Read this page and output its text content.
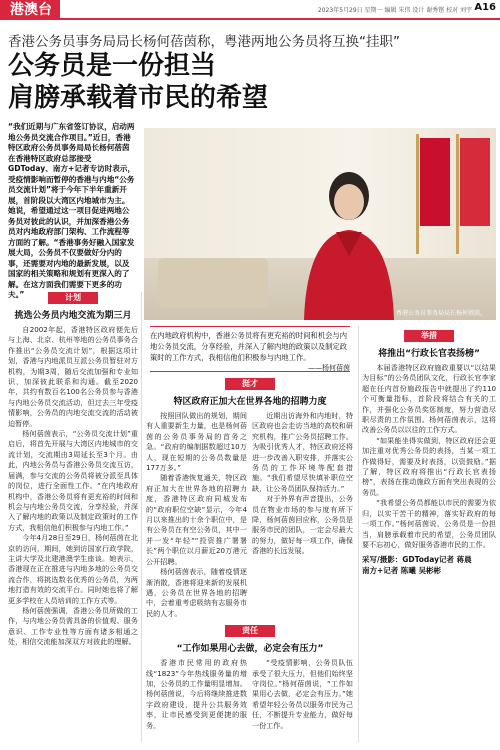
港澳台	2023年5月29日 星期一 编辑 朱伟 设计 谢秀铿 校对 刘宇 A16
香港公务员事务局局长杨何蓓茵称，粤港两地公务员将互换“挂职”
公务员是一份担当
肩膀承载着市民的希望
“我们近期与广东省签订协议，启动两地公务员交流合作项目。”近日，香港特区政府公务员事务局局长杨何蓓茵在香港特区政府总部接受GDToday、南方+记者专访时表示，受疫情影响而暂停的香港与内地“公务员交流计划”将于今年下半年重新开展，首阶段以大湾区内地城市为主。她说，希望通过这一项目促进两地公务员对彼此的认识，并加深香港公务员对内地政府部门架构、工作流程等方面的了解。“香港事务好融入国家发展大局，公务员不仅要做好分内的事，还需要对内地的最新发展，以及国家的相关策略和规划有更深入的了解。在这方面我们需要下更多的功夫。”
香港公务员事务局局长杨何蓓茵。
在内地政府机构中，香港公务员将有更充裕的时间和机会与内地公务员交流，分享经验，并深入了解内地的政策以及制定政策时的工作方式，我相信他们积极参与内地工作。
——杨何蓓茵
计划
挑选公务员内地交流为期三月

自2002年起，香港特区政府便先后与上海、北京、杭州等地的公务员事务合作推出“公务员交流计划”，根据这项计划，香港与内地派员互派公务员暂驻对方机构，为期3周，随后交流加强和专业知识，加深彼此联系和沟通。截至2020年，共约有数百名100名公务员参与香港与内地公务员交流活动，但过去三年受疫情影响，公务员的内地交流交流的活动被迫暂停。

杨何蓓茵表示，“公务员交流计划”重启后，将首先开展与大湾区内地城市的交流计划，交流期由3周延长至3个月。由此，内地公务员与香港公务员交流互访，届满，参与交流的公务员将被分派至具体的岗位，进行全面性工作。“在内地政府机构中，香港公务员将有更充裕的时间和机会与内地公务员交流，分享经验，并深入了解内地的政策以及制定政策时的工作方式，我相信他们积极参与内地工作。”

今年4月28日至29日，杨何蓓茵在北京的访问，期间，她到访国家行政学院，主讲大学及北建港澳学生座谈。她表示，香港现在正在推进与内地多地的公务员交流合作，将挑选数名优秀的公务员，为两地打造有效的交流平台。同时她也将了解更多学校在人员培训的工作方式等。

杨何蓓茵强调，香港公务员所做的工作，与内地公务员需具备的价值观、服务意识、工作专业性等方面有诸多相通之处，相信交流能加深双方对彼此的理解。

挺才
特区政府正加大在世界各地的招聘力度

按照回队做出的规划，期间有人重要新生力量，也是杨何蓓茵的公务员事务局的首务之急。“政府的编制据数超过10万人，现在短期的公务员数量是177万多。”

随着香港恢复通关，特区政府正加大在世界各地的招聘力度，香港特区政府同城发布的“政府职位空缺”显示，今年4月以来推出的十余个职位中，是有公务员在有空公务员，其中一并一发“年轻”“投资推广署署长”两个职位以月薪近20万港元公开招聘。

杨何蓓茵表示，随着疫情逐渐消散，香港将迎来新的发展机遇，公务员在世界各地的招聘中，会着重考虑吸纳有志服务市民的人才。

近期出访海外和内地时，特区政府也会走访当地的高校和研究机构，推广公务员招聘工作。为吸引优秀人才，特区政府还将进一步改善入职安排，并落实公务员的工作环境等配套措施。“我们希望尽快填补职位空缺，让公务员团队保持活力。”

对于外界有声音提出，公务员在物业市场的参与度有所下降，杨何蓓茵回应称，公务员是服务市民的团队，一定会尽最大的努力，做好每一项工作，确保香港的长远发展。

责任
“工作如果用心去做，必定会有压力”

香港市民常用的政府热线“1823”今年热线服务量的增加，公务员的工作量明显增加。杨何蓓茵说，今后将继续推进数字政府建设，提升公共服务效率，让市民感受到更便捷的服务。

“受疫情影响，公务员队伍承受了很大压力，但他们始终坚守岗位。”杨何蓓茵说，“工作如果用心去做，必定会有压力。”她希望年轻公务员以服务市民为己任，不断提升专业能力，做好每一份工作。

举措
将推出“行政长官表扬榜”

本届香港特区政府施政重要以“以结果为目标”的公务员团队文化，行政长官李家超在任内首份施政报告中就提出了约110个可衡量指标，首阶段将结合有关的工作，并强化公务员奖惩制度，努力营造尽职尽责的工作氛围。杨何蓓茵表示，这将改善公务员以以往的工作方式。

“如果能坐得实做到，特区政府还会更加注重对优秀公务员的表扬，当某一项工作做得好，需要及时表扬，以资鼓励。”据了解，特区政府将推出“行政长官表扬榜”，表扬在推动施政方面有突出表现的公务员。

“我希望公务员都能以市民的需要为依归，以实干苦干的精神，落实好政府的每一项工作。”杨何蓓茵说，公务员是一份担当，肩膀承载着市民的希望，公务员团队要不忘初心，做好服务香港市民的工作。

采写/摄影：GDToday记者 蒋晨
南方+记者 陈曦 吴彬彬
